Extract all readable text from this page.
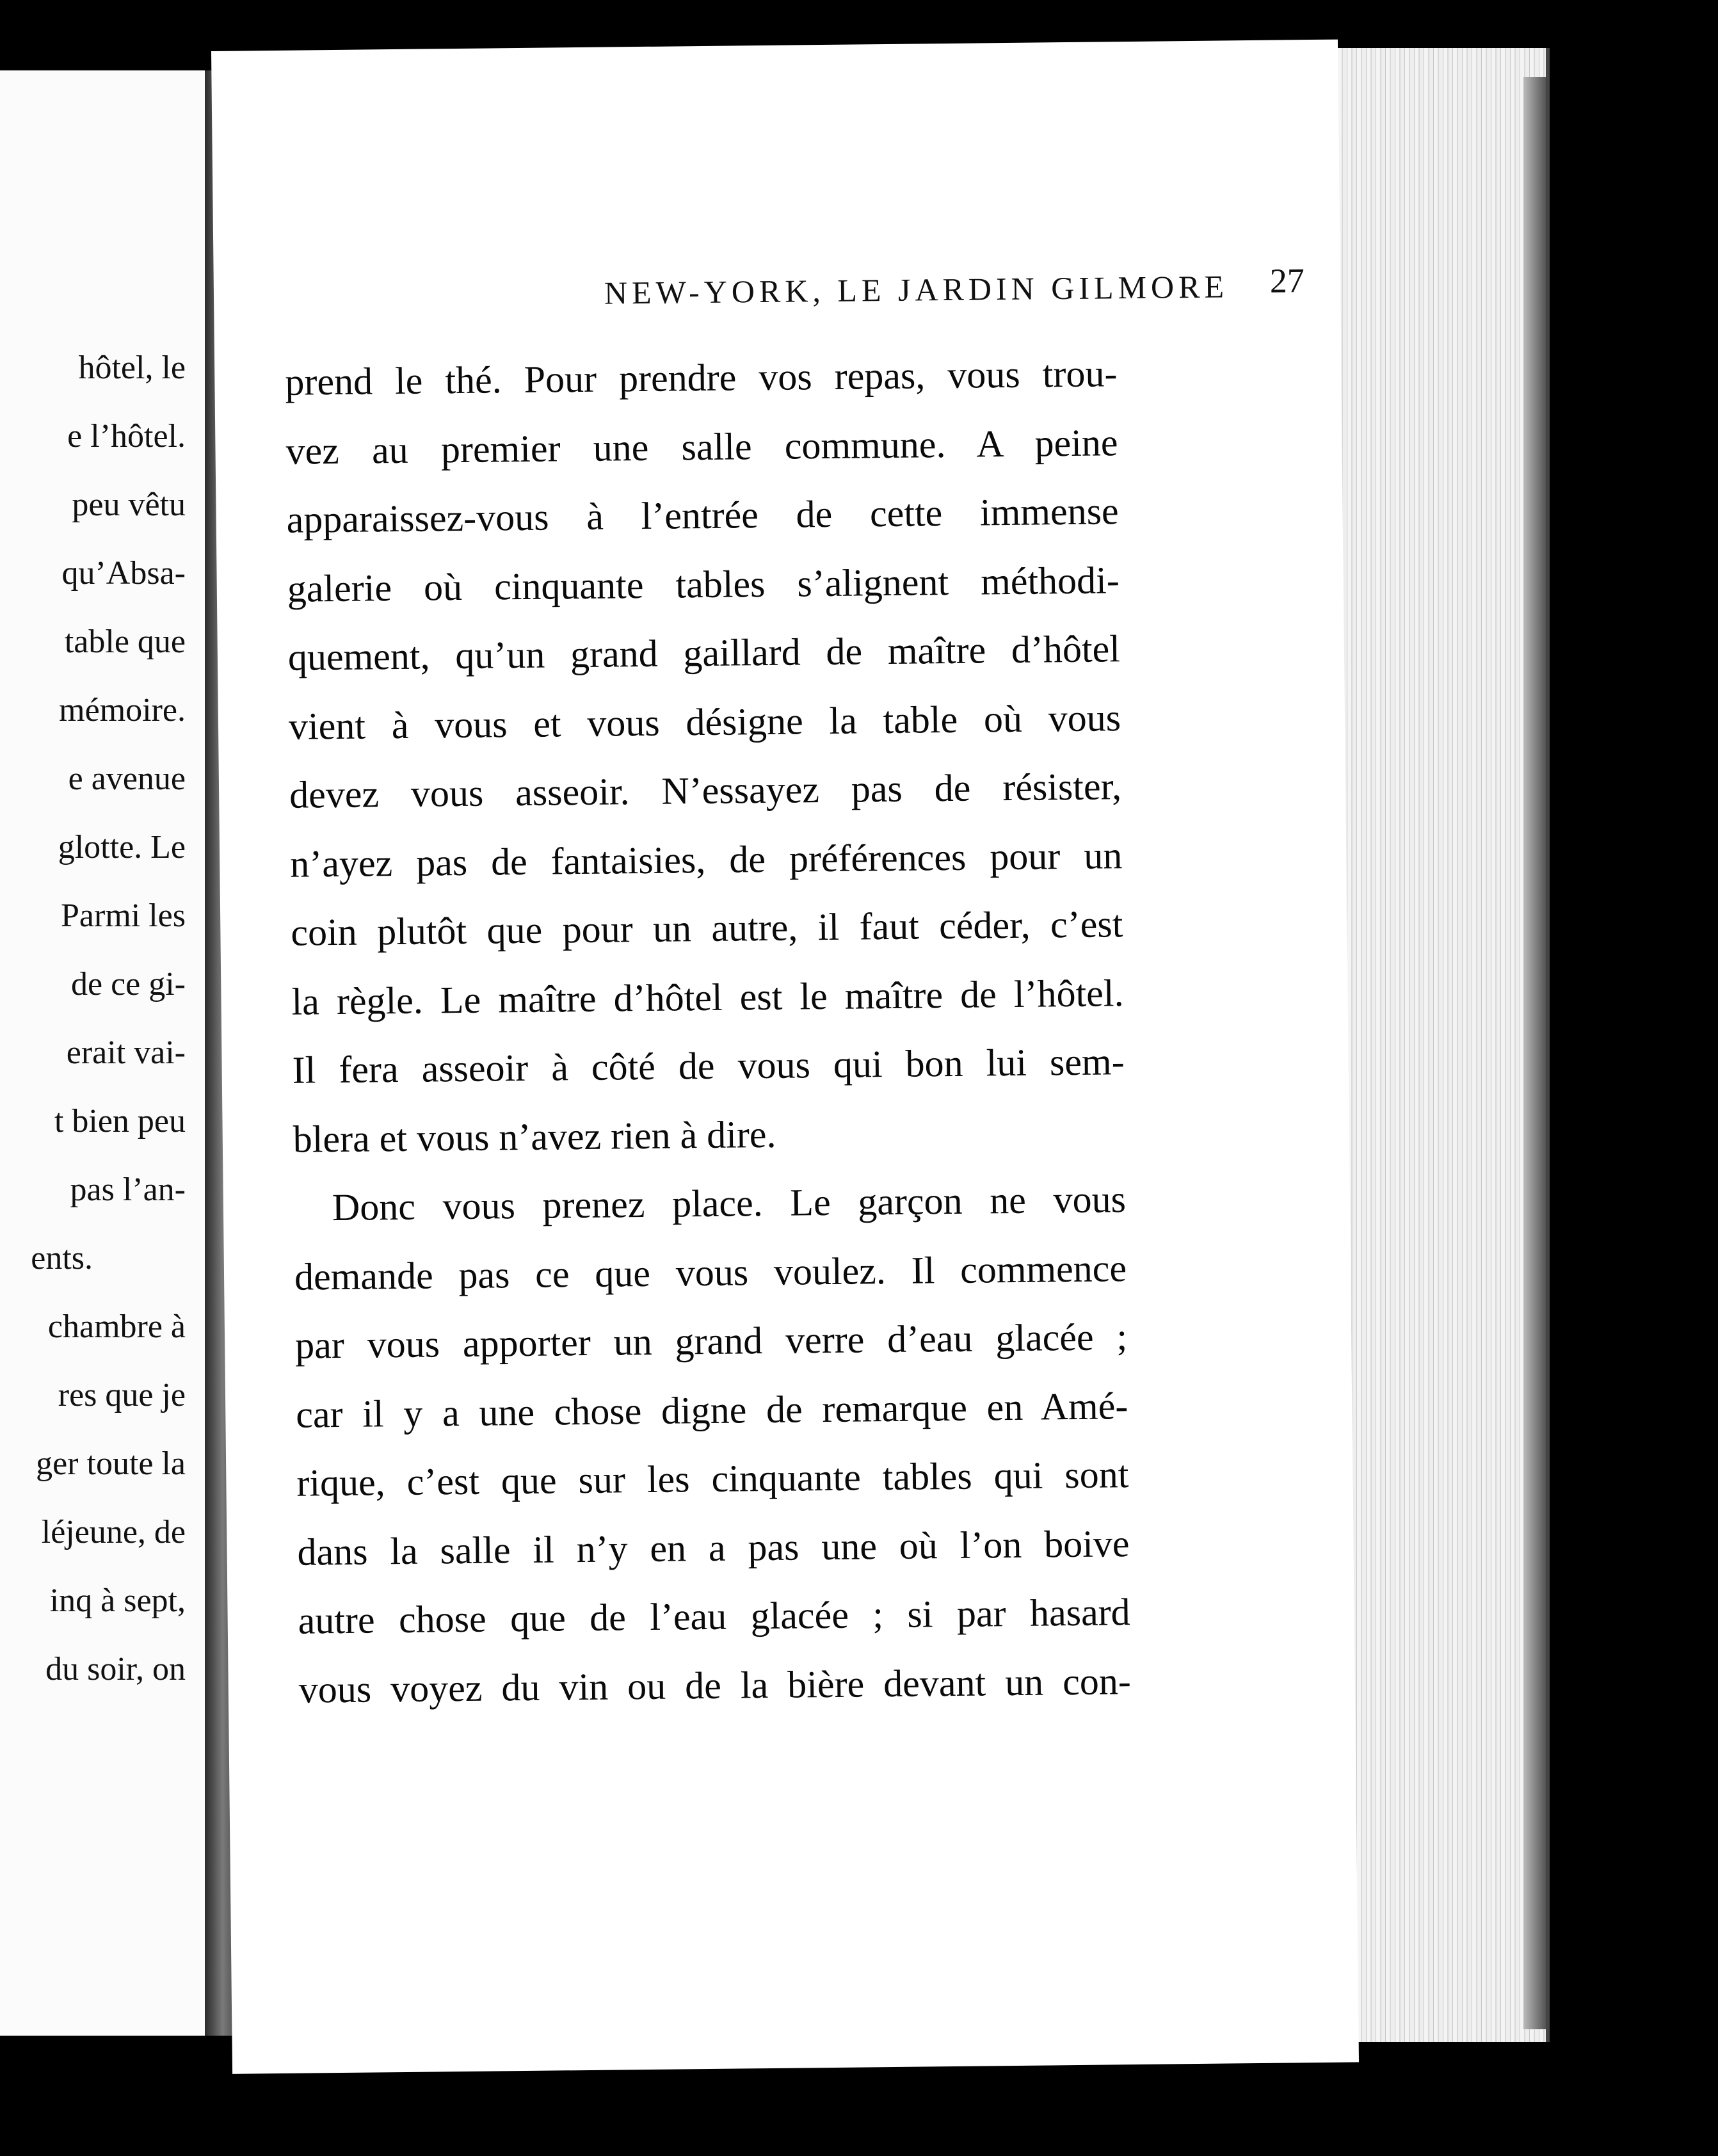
hôtel, le
e l’hôtel.
peu vêtu
qu’Absa-
table que
mémoire.
e avenue
glotte. Le
Parmi les
de ce gi-
erait vai-
t bien peu
pas l’an-
ents.
chambre à
res que je
ger toute la
léjeune, de
inq à sept,
du soir, on
NEW-YORK, LE JARDIN GILMORE 27
prend le thé. Pour prendre vos repas, vous trou-
vez au premier une salle commune. A peine
apparaissez-vous à l’entrée de cette immense
galerie où cinquante tables s’alignent méthodi-
quement, qu’un grand gaillard de maître d’hôtel
vient à vous et vous désigne la table où vous
devez vous asseoir. N’essayez pas de résister,
n’ayez pas de fantaisies, de préférences pour un
coin plutôt que pour un autre, il faut céder, c’est
la règle. Le maître d’hôtel est le maître de l’hôtel.
Il fera asseoir à côté de vous qui bon lui sem-
blera et vous n’avez rien à dire.
Donc vous prenez place. Le garçon ne vous
demande pas ce que vous voulez. Il commence
par vous apporter un grand verre d’eau glacée ;
car il y a une chose digne de remarque en Amé-
rique, c’est que sur les cinquante tables qui sont
dans la salle il n’y en a pas une où l’on boive
autre chose que de l’eau glacée ; si par hasard
vous voyez du vin ou de la bière devant un con-
